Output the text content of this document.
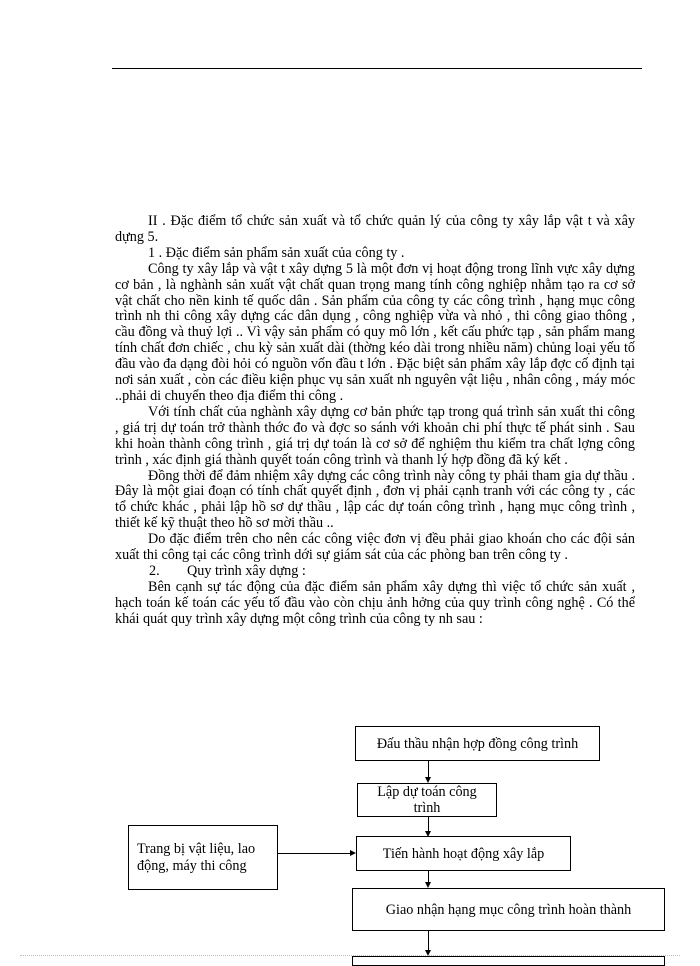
II . Đặc điểm tổ chức sản xuất và tổ chức quản lý của công ty xây lắp vật t và xây dựng 5.

1 . Đặc điểm sản phẩm sản xuất của công ty .

Công ty xây lắp và vật t xây dựng 5 là một đơn vị hoạt động trong lĩnh vực xây dựng cơ bản , là nghành sản xuất vật chất quan trọng mang tính công nghiệp nhằm tạo ra cơ sở vật chất cho nền kinh tế quốc dân . Sản phẩm của công ty các công trình , hạng mục công trình nh thi công xây dựng các dân dụng , công nghiệp vừa và nhỏ , thi công giao thông , cầu đồng và thuỷ lợi .. Vì vậy sản phẩm có quy mô lớn , kết cấu phức tạp , sản phẩm mang tính chất đơn chiếc , chu kỳ sản xuất dài (thờng kéo dài trong nhiều năm) chủng loại yếu tố đầu vào đa dạng đòi hỏi có nguồn vốn đầu t lớn . Đặc biệt sản phẩm xây lắp đợc cố định tại nơi sản xuất , còn các điều kiện phục vụ sản xuất nh nguyên vật liệu , nhân công , máy móc ..phải di chuyển theo địa điểm thi công .

Với tính chất của nghành xây dựng cơ bản phức tạp trong quá trình sản xuất thi công , giá trị dự toán trở thành thớc đo và đợc so sánh với khoản chi phí thực tế phát sinh . Sau khi hoàn thành công trình , giá trị dự toán là cơ sở để nghiệm thu kiểm tra chất lợng công trình , xác định giá thành quyết toán công trình và thanh lý hợp đồng đã ký kết .

Đồng thời để đảm nhiệm xây dựng các công trình này công ty phải tham gia dự thầu . Đây là một giai đoạn có tính chất quyết định , đơn vị phải cạnh tranh với các công ty , các tổ chức khác , phải lập hồ sơ dự thầu , lập các dự toán công trình , hạng mục công trình , thiết kế kỹ thuật theo hồ sơ mời thầu ..

Do đặc điểm trên cho nên các công việc đơn vị đều phải giao khoán cho các đội sản xuất thi công tại các công trình dới sự giám sát của các phòng ban trên công ty .

2. Quy trình xây dựng :

Bên cạnh sự tác động của đặc điểm sản phẩm xây dựng thì việc tổ chức sản xuất , hạch toán kế toán các yếu tố đầu vào còn chịu ảnh hởng của quy trình công nghệ . Có thể khái quát quy trình xây dựng một công trình của công ty nh sau :

Đấu thầu nhận hợp đồng công trình
Lập dự toán công trình
Trang bị vật liệu, lao động, máy thi công
Tiến hành hoạt động xây lắp
Giao nhận hạng mục công trình hoàn thành
